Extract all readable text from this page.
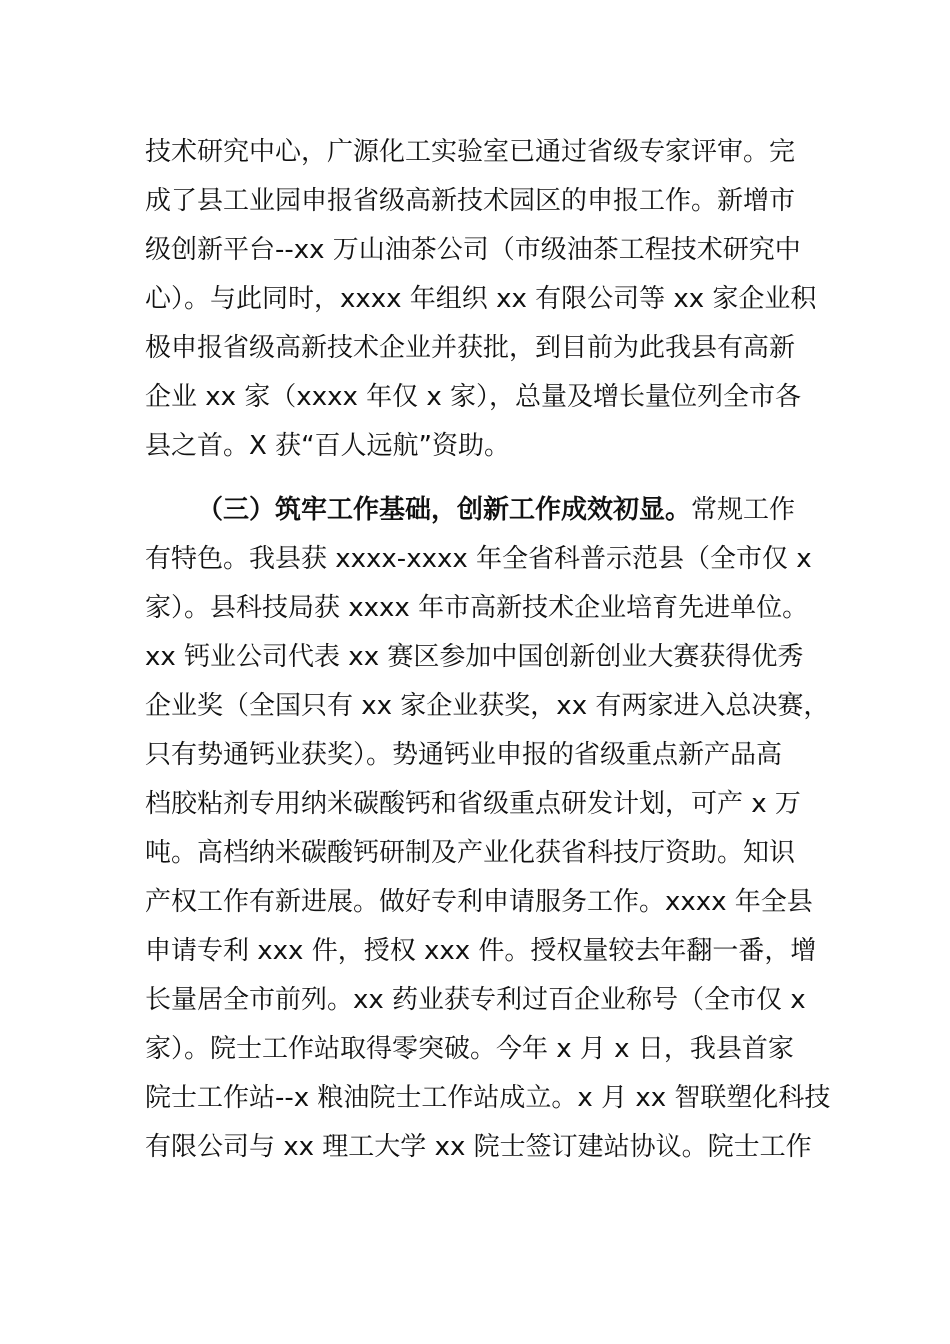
技术研究中心，广源化工实验室已通过省级专家评审。完
成了县工业园申报省级高新技术园区的申报工作。新增市
级创新平台--xx 万山油茶公司（市级油茶工程技术研究中
心）。与此同时，xxxx 年组织 xx 有限公司等 xx 家企业积
极申报省级高新技术企业并获批，到目前为此我县有高新
企业 xx 家（xxxx 年仅 x 家），总量及增长量位列全市各
县之首。X 获“百人远航”资助。
（三）筑牢工作基础，创新工作成效初显。常规工作
有特色。我县获 xxxx-xxxx 年全省科普示范县（全市仅 x
家）。县科技局获 xxxx 年市高新技术企业培育先进单位。
xx 钙业公司代表 xx 赛区参加中国创新创业大赛获得优秀
企业奖（全国只有 xx 家企业获奖，xx 有两家进入总决赛，
只有势通钙业获奖）。势通钙业申报的省级重点新产品高
档胶粘剂专用纳米碳酸钙和省级重点研发计划，可产 x 万
吨。高档纳米碳酸钙研制及产业化获省科技厅资助。知识
产权工作有新进展。做好专利申请服务工作。xxxx 年全县
申请专利 xxx 件，授权 xxx 件。授权量较去年翻一番，增
长量居全市前列。xx 药业获专利过百企业称号（全市仅 x
家）。院士工作站取得零突破。今年 x 月 x 日，我县首家
院士工作站--x 粮油院士工作站成立。x 月 xx 智联塑化科技
有限公司与 xx 理工大学 xx 院士签订建站协议。院士工作
